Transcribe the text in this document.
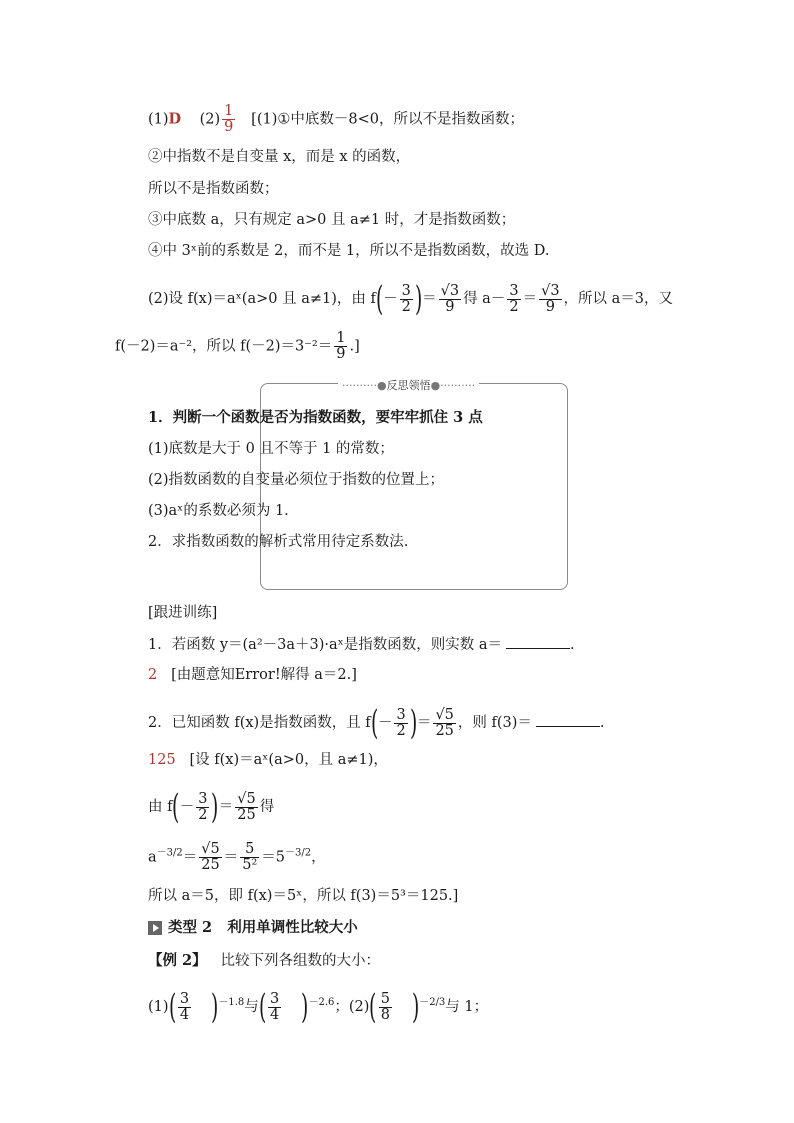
(1)D $(2) \frac{1}{9}$ [(1)①中底数－8<0，所以不是指数函数；
②中指数不是自变量 x，而是 x 的函数，
所以不是指数函数；
③中底数 a，只有规定 a>0 且 a≠1 时，才是指数函数；
④中 3ˣ前的系数是 2，而不是 1，所以不是指数函数，故选 D.
(2)设 f(x)＝aˣ(a>0 且 a≠1)，由 $f(- \frac{3}{2}$ )＝ $\frac{√3}{9}$ 得 $a- \frac{3}{2} = \frac{√3}{9}$ ，所以 a＝3，又
f(－2)＝a⁻²，所以 $f(-2)=3^{-2}= \frac{1}{9}$ .]
··········●反思领悟●··········
1．判断一个函数是否为指数函数，要牢牢抓住 3 点
(1)底数是大于 0 且不等于 1 的常数；
(2)指数函数的自变量必须位于指数的位置上；
(3)aˣ的系数必须为 1.
2．求指数函数的解析式常用待定系数法.
[跟进训练]
1．若函数 y＝(a²－3a＋3)·aˣ是指数函数，则实数 a＝	.
2 [由题意知Error!解得 a＝2.]
2．已知函数 f(x)是指数函数，且 $f(- \frac{3}{2}$ )＝ $\frac{√5}{25}$ ，则 f(3)＝	.
125 [设 f(x)＝aˣ(a>0，且 a≠1)，
由 $f(- \frac{3}{2}$ )＝ $\frac{√5}{25}$ 得
$a^{-3/2}= \frac{√5}{25} = \frac{5}{\text{5²}} =5^{-3/2}$，
所以 a＝5，即 f(x)＝5ˣ，所以 f(3)＝5³＝125.]
类型 2 利用单调性比较大小
【例 2】 比较下列各组数的大小：
$(1)( \frac{3}{4} )^{-1.8}$与( $\frac{3}{4} )^{-2.6}$；$(2)( \frac{5}{8} )^{-2/3}$与 1；
